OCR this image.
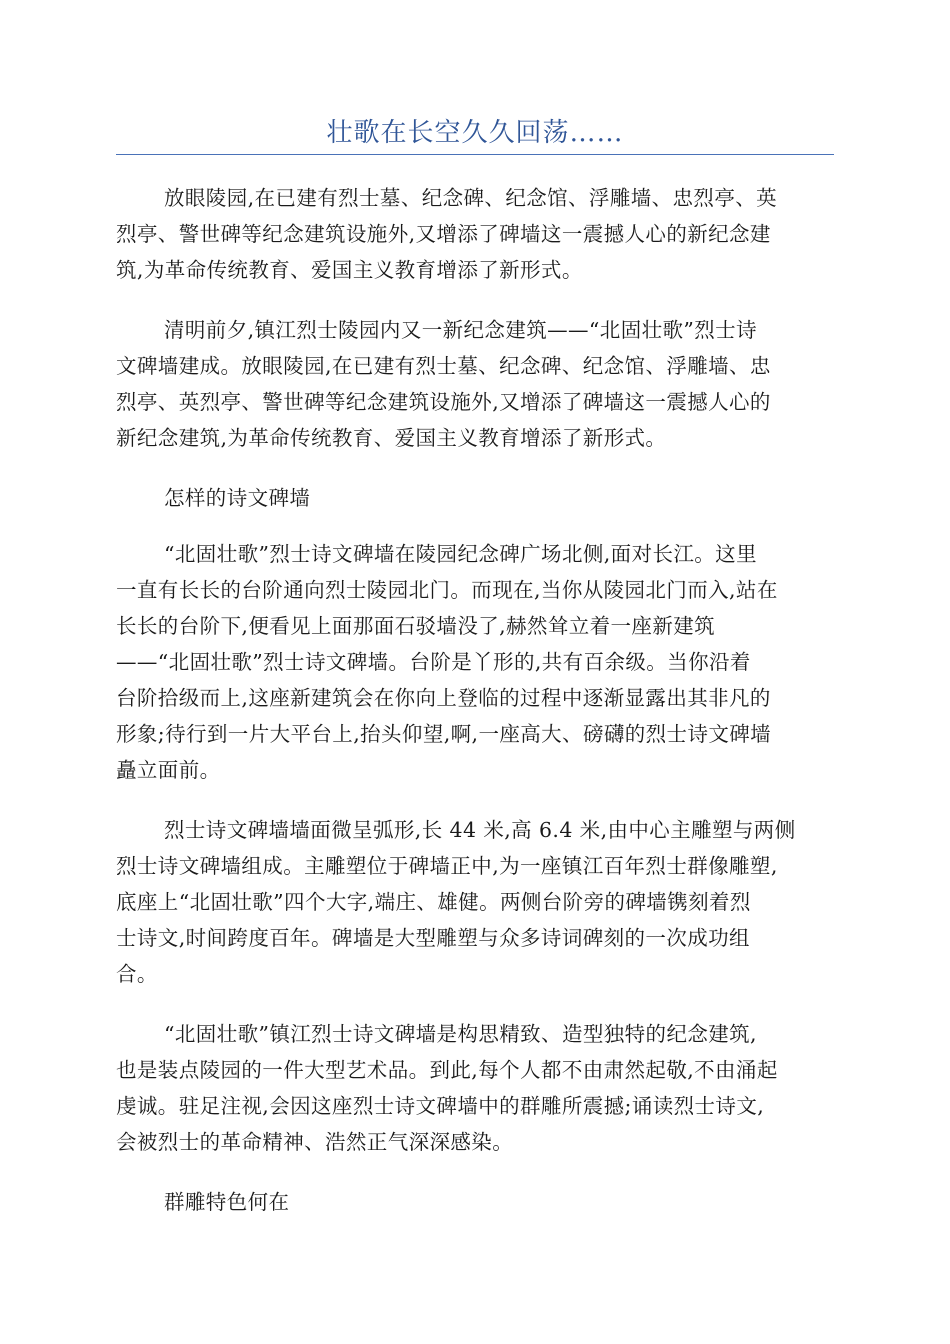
壮歌在长空久久回荡……
放眼陵园,在已建有烈士墓、纪念碑、纪念馆、浮雕墙、忠烈亭、英
烈亭、警世碑等纪念建筑设施外,又增添了碑墙这一震撼人心的新纪念建
筑,为革命传统教育、爱国主义教育增添了新形式。
清明前夕,镇江烈士陵园内又一新纪念建筑——“北固壮歌”烈士诗
文碑墙建成。放眼陵园,在已建有烈士墓、纪念碑、纪念馆、浮雕墙、忠
烈亭、英烈亭、警世碑等纪念建筑设施外,又增添了碑墙这一震撼人心的
新纪念建筑,为革命传统教育、爱国主义教育增添了新形式。
怎样的诗文碑墙
“北固壮歌”烈士诗文碑墙在陵园纪念碑广场北侧,面对长江。这里
一直有长长的台阶通向烈士陵园北门。而现在,当你从陵园北门而入,站在
长长的台阶下,便看见上面那面石驳墙没了,赫然耸立着一座新建筑
——“北固壮歌”烈士诗文碑墙。台阶是丫形的,共有百余级。当你沿着
台阶拾级而上,这座新建筑会在你向上登临的过程中逐渐显露出其非凡的
形象;待行到一片大平台上,抬头仰望,啊,一座高大、磅礴的烈士诗文碑墙
矗立面前。
烈士诗文碑墙墙面微呈弧形,长 44 米,高 6.4 米,由中心主雕塑与两侧
烈士诗文碑墙组成。主雕塑位于碑墙正中,为一座镇江百年烈士群像雕塑,
底座上“北固壮歌”四个大字,端庄、雄健。两侧台阶旁的碑墙镌刻着烈
士诗文,时间跨度百年。碑墙是大型雕塑与众多诗词碑刻的一次成功组
合。
“北固壮歌”镇江烈士诗文碑墙是构思精致、造型独特的纪念建筑,
也是装点陵园的一件大型艺术品。到此,每个人都不由肃然起敬,不由涌起
虔诚。驻足注视,会因这座烈士诗文碑墙中的群雕所震撼;诵读烈士诗文,
会被烈士的革命精神、浩然正气深深感染。
群雕特色何在
